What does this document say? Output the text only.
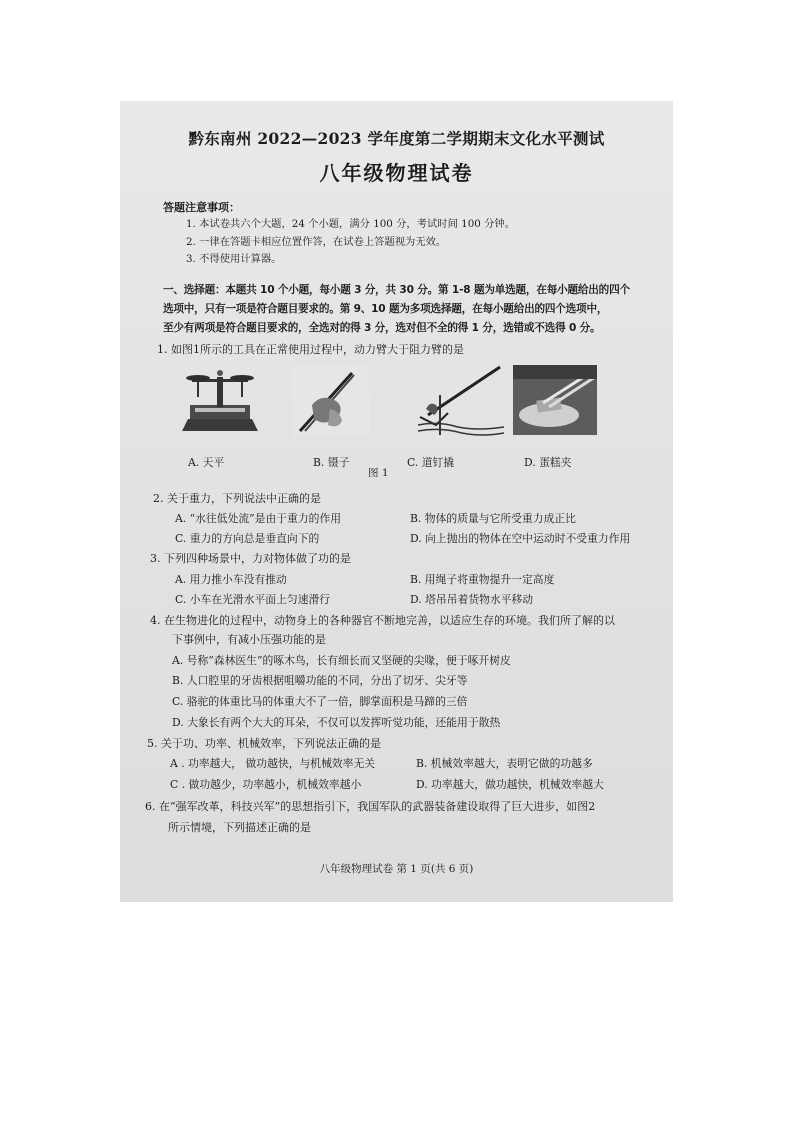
黔东南州 2022—2023 学年度第二学期期末文化水平测试
八年级物理试卷
答题注意事项：
1. 本试卷共六个大题，24 个小题，满分 100 分，考试时间 100 分钟。
2. 一律在答题卡相应位置作答，在试卷上答题视为无效。
3. 不得使用计算器。
一、选择题：本题共 10 个小题，每小题 3 分，共 30 分。第 1-8 题为单选题，在每小题给出的四个
选项中，只有一项是符合题目要求的。第 9、10 题为多项选择题，在每小题给出的四个选项中，
至少有两项是符合题目要求的，全选对的得 3 分，选对但不全的得 1 分，选错或不选得 0 分。
1. 如图1所示的工具在正常使用过程中，动力臂大于阻力臂的是
A. 天平	B. 镊子	C. 道钉撬	D. 蛋糕夹
图 1
2. 关于重力，下列说法中正确的是
A. “水往低处流”是由于重力的作用	B. 物体的质量与它所受重力成正比
C. 重力的方向总是垂直向下的	D. 向上抛出的物体在空中运动时不受重力作用
3. 下列四种场景中，力对物体做了功的是
A. 用力推小车没有推动	B. 用绳子将重物提升一定高度
C. 小车在光滑水平面上匀速滑行	D. 塔吊吊着货物水平移动
4. 在生物进化的过程中，动物身上的各种器官不断地完善，以适应生存的环境。我们所了解的以
下事例中，有减小压强功能的是
A. 号称“森林医生”的啄木鸟，长有细长而又坚硬的尖喙，便于啄开树皮
B. 人口腔里的牙齿根据咀嚼功能的不同，分出了切牙、尖牙等
C. 骆驼的体重比马的体重大不了一倍，脚掌面积是马蹄的三倍
D. 大象长有两个大大的耳朵，不仅可以发挥听觉功能，还能用于散热
5. 关于功、功率、机械效率，下列说法正确的是
A . 功率越大， 做功越快，与机械效率无关	B. 机械效率越大，表明它做的功越多
C . 做功越少，功率越小，机械效率越小	D. 功率越大，做功越快，机械效率越大
6. 在“强军改革，科技兴军”的思想指引下，我国军队的武器装备建设取得了巨大进步，如图2
所示情境，下列描述正确的是
八年级物理试卷 第 1 页(共 6 页)
